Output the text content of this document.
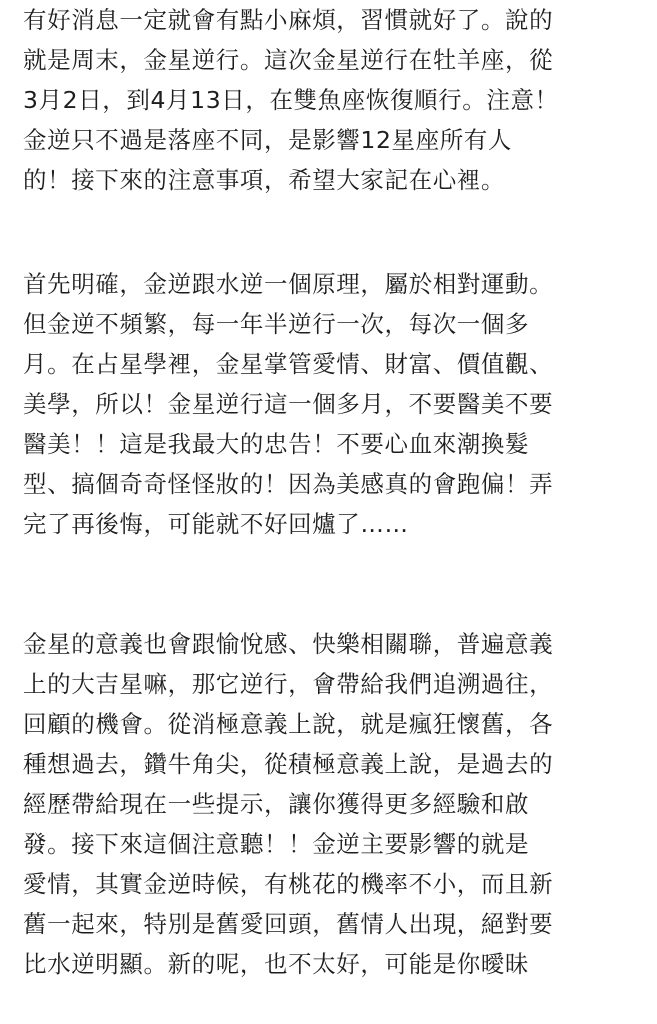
有好消息一定就會有點小麻煩，習慣就好了。說的
就是周末，金星逆行。這次金星逆行在牡羊座，從
3月2日，到4月13日，在雙魚座恢復順行。注意！
金逆只不過是落座不同，是影響12星座所有人
的！接下來的注意事項，希望大家記在心裡。
首先明確，金逆跟水逆一個原理，屬於相對運動。
但金逆不頻繁，每一年半逆行一次，每次一個多
月。在占星學裡，金星掌管愛情、財富、價值觀、
美學，所以！金星逆行這一個多月，不要醫美不要
醫美！！這是我最大的忠告！不要心血來潮換髮
型、搞個奇奇怪怪妝的！因為美感真的會跑偏！弄
完了再後悔，可能就不好回爐了……
金星的意義也會跟愉悅感、快樂相關聯，普遍意義
上的大吉星嘛，那它逆行，會帶給我們追溯過往，
回顧的機會。從消極意義上說，就是瘋狂懷舊，各
種想過去，鑽牛角尖，從積極意義上說，是過去的
經歷帶給現在一些提示，讓你獲得更多經驗和啟
發。接下來這個注意聽！！金逆主要影響的就是
愛情，其實金逆時候，有桃花的機率不小，而且新
舊一起來，特別是舊愛回頭，舊情人出現，絕對要
比水逆明顯。新的呢，也不太好，可能是你曖昧
